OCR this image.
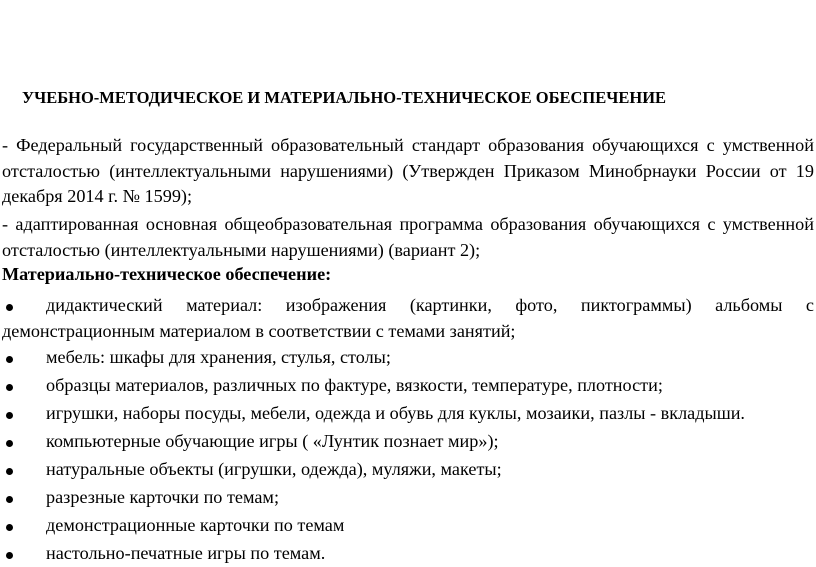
УЧЕБНО-МЕТОДИЧЕСКОЕ И МАТЕРИАЛЬНО-ТЕХНИЧЕСКОЕ ОБЕСПЕЧЕНИЕ
- Федеральный государственный образовательный стандарт образования обучающихся с умственной отсталостью (интеллектуальными нарушениями) (Утвержден Приказом Минобрнауки России от 19 декабря 2014 г. № 1599);
- адаптированная основная общеобразовательная программа образования обучающихся с умственной отсталостью (интеллектуальными нарушениями) (вариант 2);
Материально-техническое обеспечение:
дидактический материал: изображения (картинки, фото, пиктограммы) альбомы с демонстрационным материалом в соответствии с темами занятий;
мебель: шкафы для хранения, стулья, столы;
образцы материалов, различных по фактуре, вязкости, температуре, плотности;
игрушки, наборы посуды, мебели, одежда и обувь для куклы, мозаики, пазлы - вкладыши.
компьютерные обучающие игры ( «Лунтик познает мир»);
натуральные объекты (игрушки, одежда), муляжи, макеты;
разрезные карточки по темам;
демонстрационные карточки по темам
настольно-печатные игры по темам.
